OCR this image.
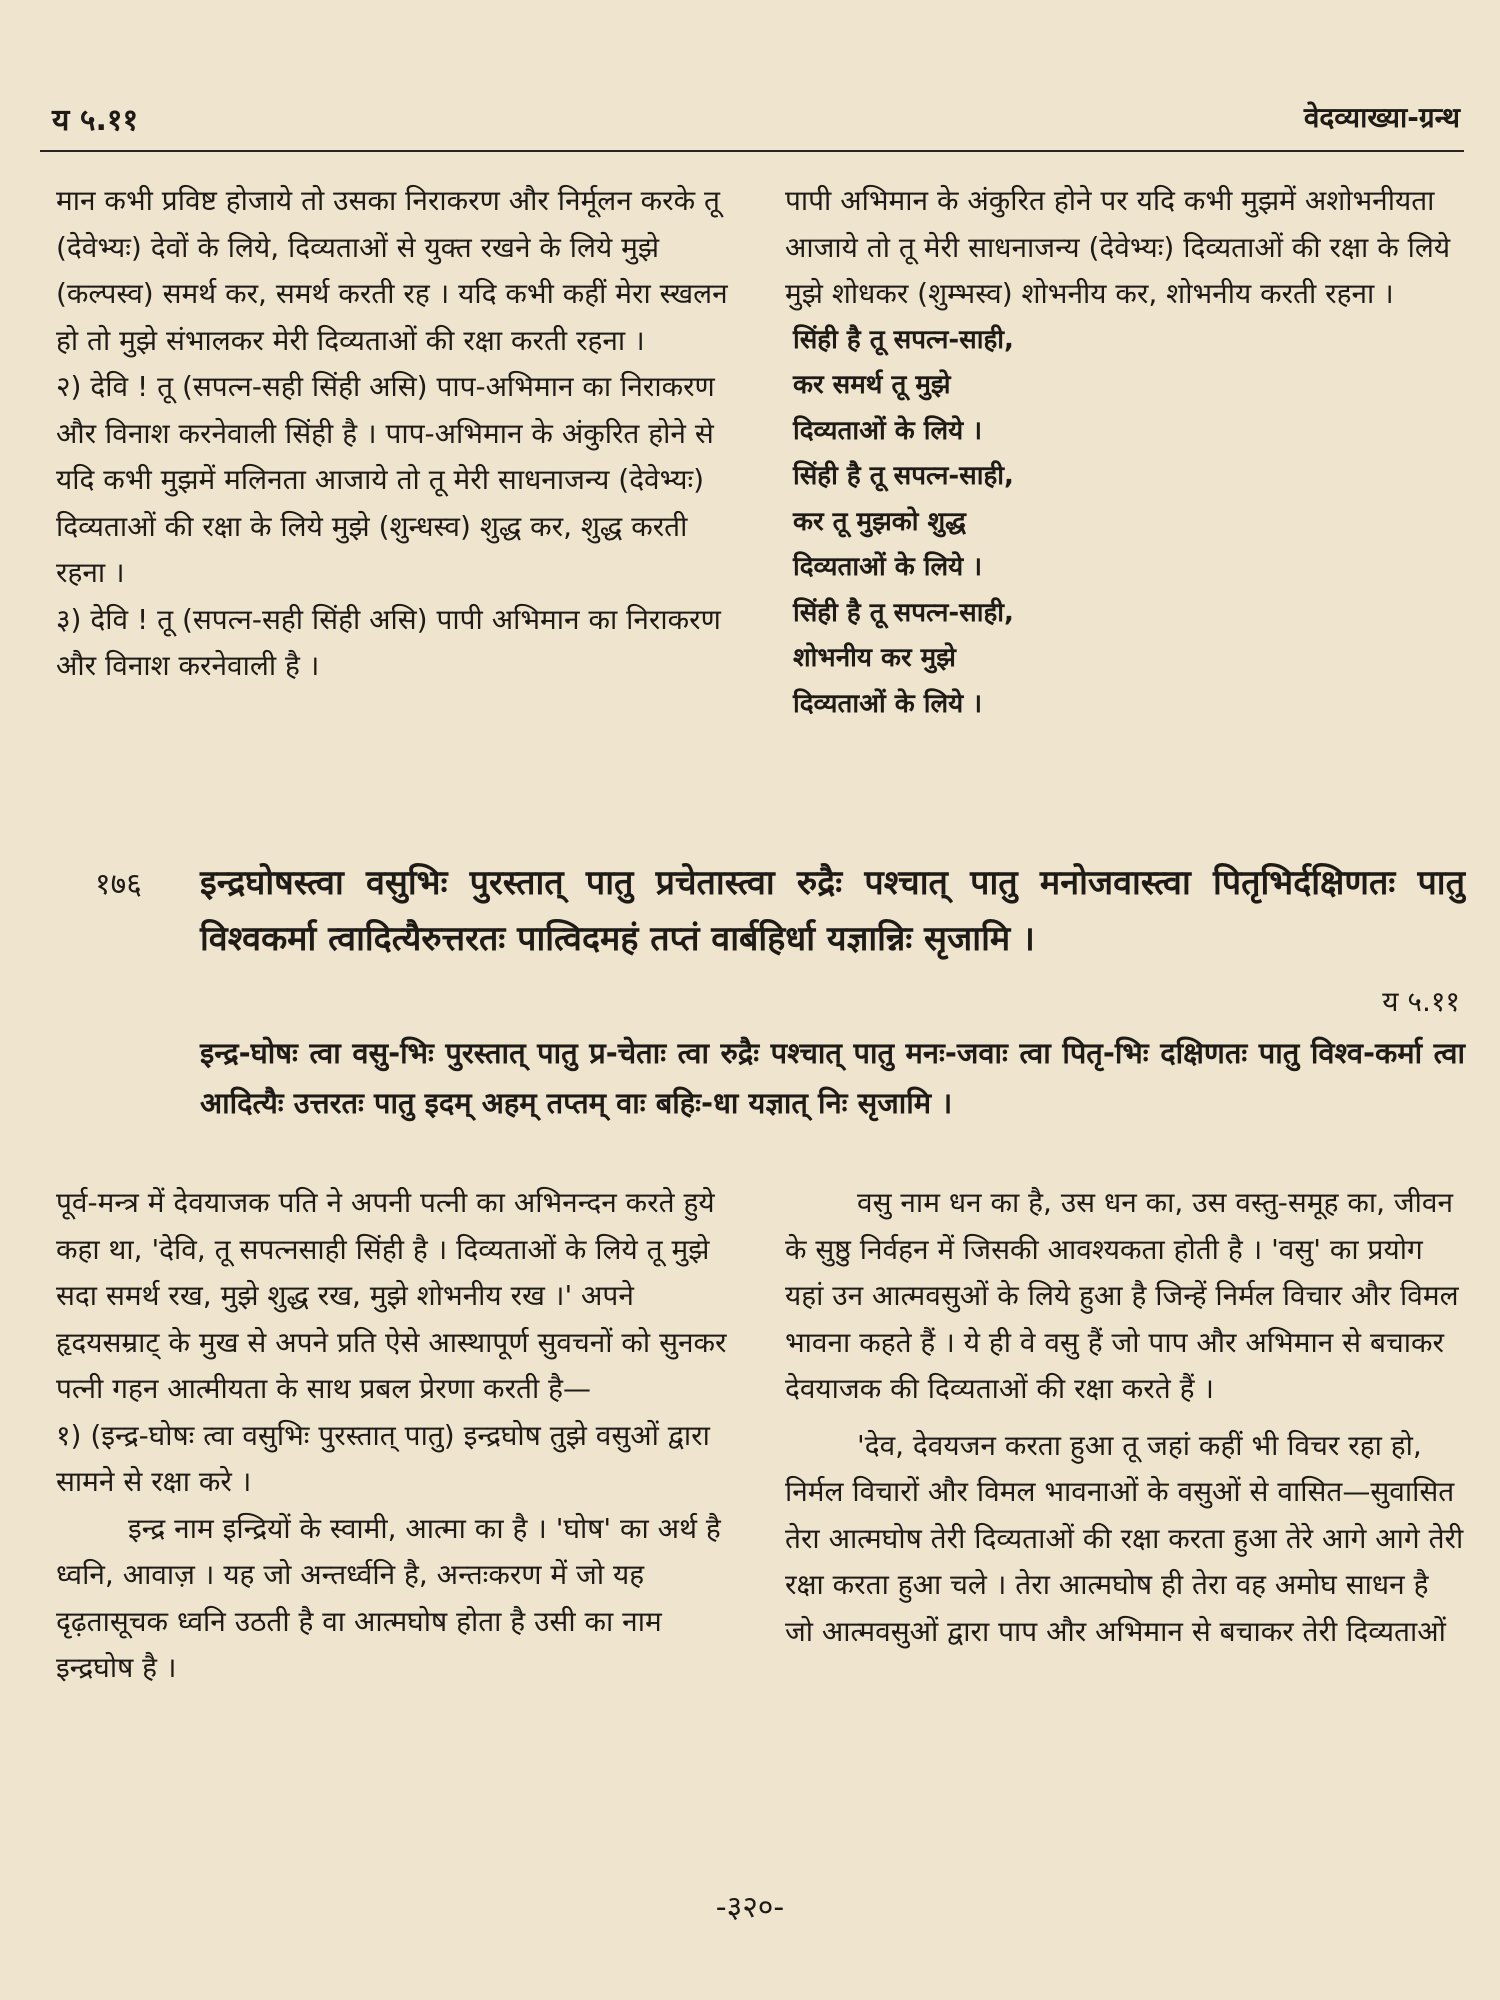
य ५.११	वेदव्याख्या-ग्रन्थ

मान कभी प्रविष्ट होजाये तो उसका निराकरण और निर्मूलन करके तू (देवेभ्यः) देवों के लिये, दिव्यताओं से युक्त रखने के लिये मुझे (कल्पस्व) समर्थ कर, समर्थ करती रह । यदि कभी कहीं मेरा स्खलन हो तो मुझे संभालकर मेरी दिव्यताओं की रक्षा करती रहना ।

२) देवि ! तू (सपत्न-सही सिंही असि) पाप-अभिमान का निराकरण और विनाश करनेवाली सिंही है । पाप-अभिमान के अंकुरित होने से यदि कभी मुझमें मलिनता आजाये तो तू मेरी साधनाजन्य (देवेभ्यः) दिव्यताओं की रक्षा के लिये मुझे (शुन्धस्व) शुद्ध कर, शुद्ध करती रहना ।

३) देवि ! तू (सपत्न-सही सिंही असि) पापी अभिमान का निराकरण और विनाश करनेवाली है ।

पापी अभिमान के अंकुरित होने पर यदि कभी मुझमें अशोभनीयता आजाये तो तू मेरी साधनाजन्य (देवेभ्यः) दिव्यताओं की रक्षा के लिये मुझे शोधकर (शुम्भस्व) शोभनीय कर, शोभनीय करती रहना ।

सिंही है तू सपत्न-साही,
कर समर्थ तू मुझे
दिव्यताओं के लिये ।
सिंही है तू सपत्न-साही,
कर तू मुझको शुद्ध
दिव्यताओं के लिये ।
सिंही है तू सपत्न-साही,
शोभनीय कर मुझे
दिव्यताओं के लिये ।
१७६ इन्द्रघोषस्त्वा वसुभिः पुरस्तात् पातु प्रचेतास्त्वा रुद्रैः पश्चात् पातु मनोजवास्त्वा पितृभिर्दक्षिणतः पातु विश्वकर्मा त्वादित्यैरुत्तरतः पात्विदमहं तप्तं वार्बहिर्धा यज्ञान्निः सृजामि ।
य ५.११
इन्द्र-घोषः त्वा वसु-भिः पुरस्तात् पातु प्र-चेताः त्वा रुद्रैः पश्चात् पातु मनः-जवाः त्वा पितृ-भिः दक्षिणतः पातु विश्व-कर्मा त्वा आदित्यैः उत्तरतः पातु इदम् अहम् तप्तम् वाः बहिः-धा यज्ञात् निः सृजामि ।

पूर्व-मन्त्र में देवयाजक पति ने अपनी पत्नी का अभिनन्दन करते हुये कहा था, 'देवि, तू सपत्नसाही सिंही है । दिव्यताओं के लिये तू मुझे सदा समर्थ रख, मुझे शुद्ध रख, मुझे शोभनीय रख ।' अपने हृदयसम्राट् के मुख से अपने प्रति ऐसे आस्थापूर्ण सुवचनों को सुनकर पत्नी गहन आत्मीयता के साथ प्रबल प्रेरणा करती है—

१) (इन्द्र-घोषः त्वा वसुभिः पुरस्तात् पातु) इन्द्रघोष तुझे वसुओं द्वारा सामने से रक्षा करे ।

इन्द्र नाम इन्द्रियों के स्वामी, आत्मा का है । 'घोष' का अर्थ है ध्वनि, आवाज़ । यह जो अन्तर्ध्वनि है, अन्तःकरण में जो यह दृढ़तासूचक ध्वनि उठती है वा आत्मघोष होता है उसी का नाम इन्द्रघोष है ।

वसु नाम धन का है, उस धन का, उस वस्तु-समूह का, जीवन के सुष्ठु निर्वहन में जिसकी आवश्यकता होती है । 'वसु' का प्रयोग यहां उन आत्मवसुओं के लिये हुआ है जिन्हें निर्मल विचार और विमल भावना कहते हैं । ये ही वे वसु हैं जो पाप और अभिमान से बचाकर देवयाजक की दिव्यताओं की रक्षा करते हैं ।

'देव, देवयजन करता हुआ तू जहां कहीं भी विचर रहा हो, निर्मल विचारों और विमल भावनाओं के वसुओं से वासित—सुवासित तेरा आत्मघोष तेरी दिव्यताओं की रक्षा करता हुआ तेरे आगे आगे तेरी रक्षा करता हुआ चले । तेरा आत्मघोष ही तेरा वह अमोघ साधन है जो आत्मवसुओं द्वारा पाप और अभिमान से बचाकर तेरी दिव्यताओं

-३२०-
